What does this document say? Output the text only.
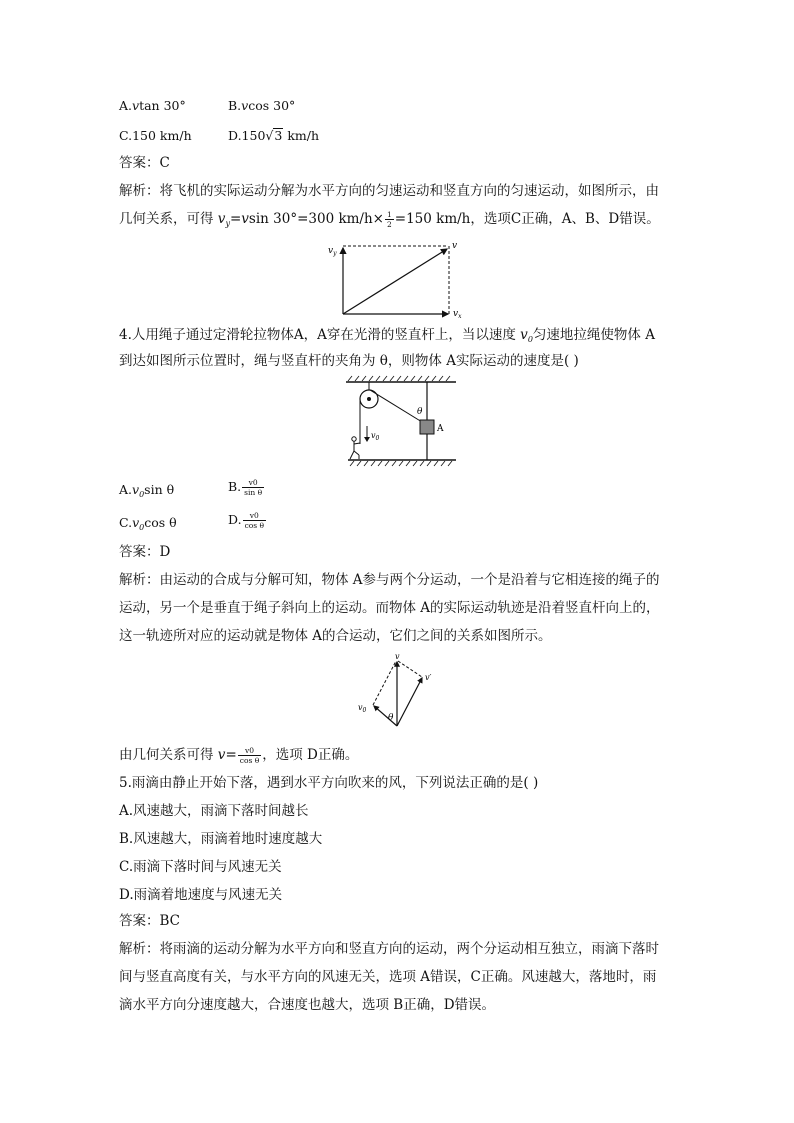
A.vtan 30°	B.vcos 30°
C.150 km/h	D.150√3 km/h
答案：C
解析：将飞机的实际运动分解为水平方向的匀速运动和竖直方向的匀速运动，如图所示，由
几何关系，可得 $v_y=vsin$ 30°=300 $km/h\times \frac{1}{2} =150$ km/h，选项C正确，A、B、D错误。
$v_y$
v
$v_x$
4.人用绳子通过定滑轮拉物体A，A穿在光滑的竖直杆上，当以速度 $v_0$匀速地拉绳使物体 A
到达如图所示位置时，绳与竖直杆的夹角为 θ，则物体 A实际运动的速度是( )
A
θ
$v_0$
$A.v_0\sin$ θ	B. $\frac{v0}{\text{sin θ}}$
$C.v_0\cos$ θ	D. $\frac{v0}{\text{cos θ}}$
答案：D
解析：由运动的合成与分解可知，物体 A参与两个分运动，一个是沿着与它相连接的绳子的
运动，另一个是垂直于绳子斜向上的运动。而物体 A的实际运动轨迹是沿着竖直杆向上的，
这一轨迹所对应的运动就是物体 A的合运动，它们之间的关系如图所示。
v
v′
$v_0$
θ
由几何关系可得 $v= \frac{v0}{\text{cos θ}}$ ，选项 D正确。
5.雨滴由静止开始下落，遇到水平方向吹来的风，下列说法正确的是( )
A.风速越大，雨滴下落时间越长
B.风速越大，雨滴着地时速度越大
C.雨滴下落时间与风速无关
D.雨滴着地速度与风速无关
答案：BC
解析：将雨滴的运动分解为水平方向和竖直方向的运动，两个分运动相互独立，雨滴下落时
间与竖直高度有关，与水平方向的风速无关，选项 A错误，C正确。风速越大，落地时，雨
滴水平方向分速度越大，合速度也越大，选项 B正确，D错误。
